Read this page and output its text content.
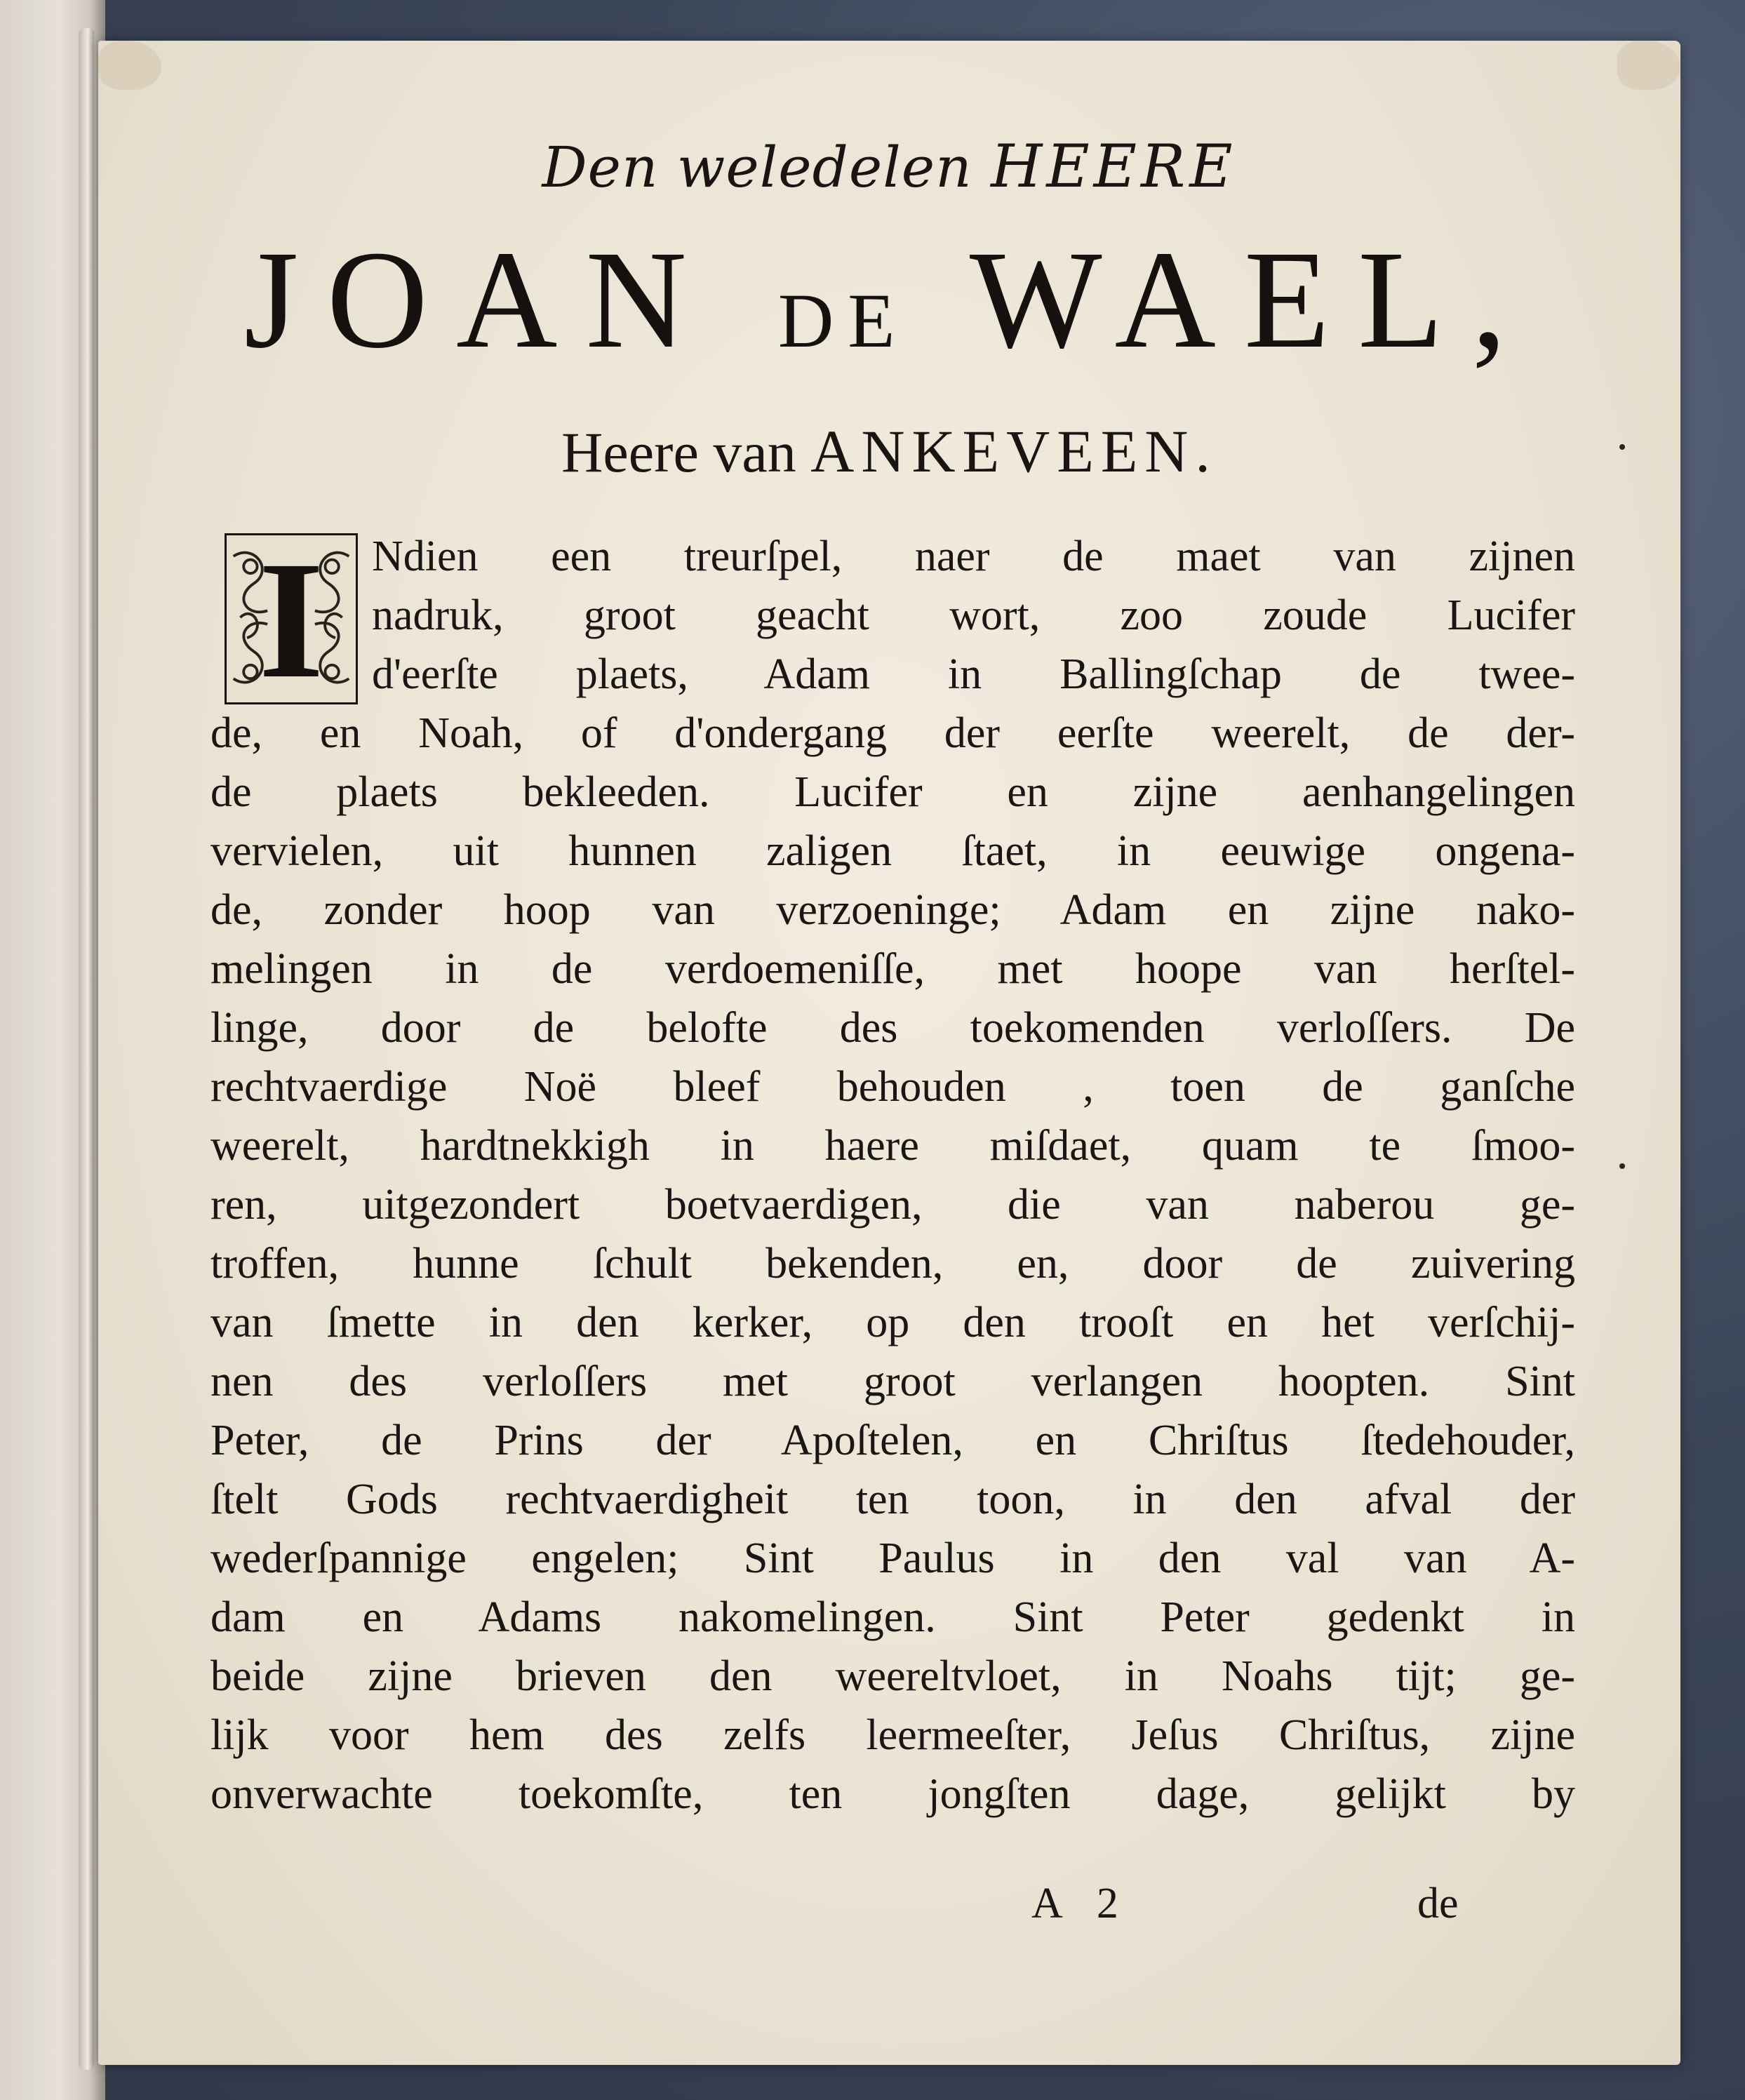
Den weledelen HEERE
JOAN DE WAEL,
Heere van ANKEVEEN.
I	Ndien een treurſpel, naer de maet van zijnen
nadruk, groot geacht wort, zoo zoude Lucifer
d'eerſte plaets, Adam in Ballingſchap de twee-
de, en Noah, of d'ondergang der eerſte weerelt, de der-
de plaets bekleeden. Lucifer en zijne aenhangelingen
vervielen, uit hunnen zaligen ſtaet, in eeuwige ongena-
de, zonder hoop van verzoeninge; Adam en zijne nako-
melingen in de verdoemeniſſe, met hoope van herſtel-
linge, door de belofte des toekomenden verloſſers. De
rechtvaerdige Noë bleef behouden , toen de ganſche
weerelt, hardtnekkigh in haere miſdaet, quam te ſmoo-
ren, uitgezondert boetvaerdigen, die van naberou ge-
troffen, hunne ſchult bekenden, en, door de zuivering
van ſmette in den kerker, op den trooſt en het verſchij-
nen des verloſſers met groot verlangen hoopten. Sint
Peter, de Prins der Apoſtelen, en Chriſtus ſtedehouder,
ſtelt Gods rechtvaerdigheit ten toon, in den afval der
wederſpannige engelen; Sint Paulus in den val van A-
dam en Adams nakomelingen. Sint Peter gedenkt in
beide zijne brieven den weereltvloet, in Noahs tijt; ge-
lijk voor hem des zelfs leermeeſter, Jeſus Chriſtus, zijne
onverwachte toekomſte, ten jongſten dage, gelijkt by
A 2	de
